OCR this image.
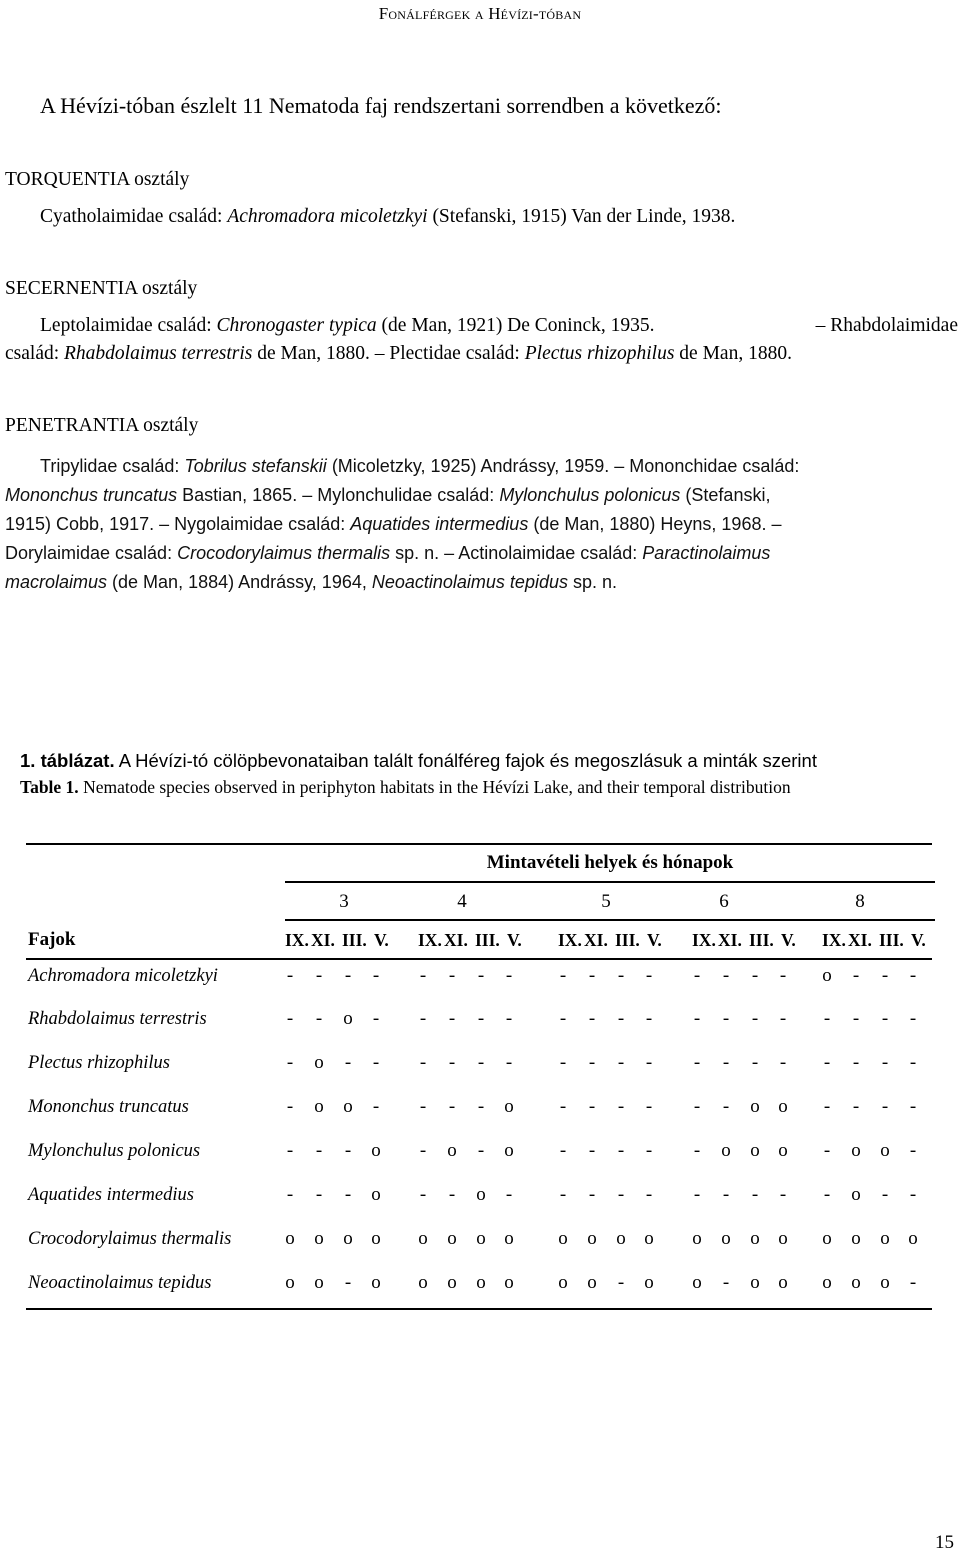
Fonálférgek a Hévízi-tóban
A Hévízi-tóban észlelt 11 Nematoda faj rendszertani sorrendben a következő:
TORQUENTIA osztály
Cyatholaimidae család: Achromadora micoletzkyi (Stefanski, 1915) Van der Linde, 1938.
SECERNENTIA osztály
Leptolaimidae család: Chronogaster typica (de Man, 1921) De Coninck, 1935.	– Rhabdolaimidae
család: Rhabdolaimus terrestris de Man, 1880. – Plectidae család: Plectus rhizophilus de Man, 1880.
PENETRANTIA osztály
Tripylidae család: Tobrilus stefanskii (Micoletzky, 1925) Andrássy, 1959. – Mononchidae család:
Mononchus truncatus Bastian, 1865. – Mylonchulidae család: Mylonchulus polonicus (Stefanski,
1915) Cobb, 1917. – Nygolaimidae család: Aquatides intermedius (de Man, 1880) Heyns, 1968. –
Dorylaimidae család: Crocodorylaimus thermalis sp. n. – Actinolaimidae család: Paractinolaimus
macrolaimus (de Man, 1884) Andrássy, 1964, Neoactinolaimus tepidus sp. n.
1. táblázat. A Hévízi-tó cölöpbevonataiban talált fonálféreg fajok és megoszlásuk a minták szerint
Table 1. Nematode species observed in periphyton habitats in the Hévízi Lake, and their temporal distribution
Mintavételi helyek és hónapok
Fajok
3	4	5	6	8
IX. XI. III. V. IX. XI. III. V. IX. XI. III. V. IX. XI. III. V. IX. XI. III. V.
Achromadora micoletzkyi	- - - - - - - -	- - - - - - - - o - - -
Rhabdolaimus terrestris	- - o - - - - -	- - - - - - - - - - - -
Plectus rhizophilus	- o - - - - - -	- - - - - - - - - - - -
Mononchus truncatus	- o o - - - - o - - - - - - o o - - - -
Mylonchulus polonicus	- - - o - o - o - - - - - o o o - o o -
Aquatides intermedius	- - - o - - o -	- - - - - - - - - o - -
Crocodorylaimus thermalis	o o o o o o o o o o o o o o o o o o o o
Neoactinolaimus tepidus	o o - o o o o o o o - o o - o o o o o -
15
